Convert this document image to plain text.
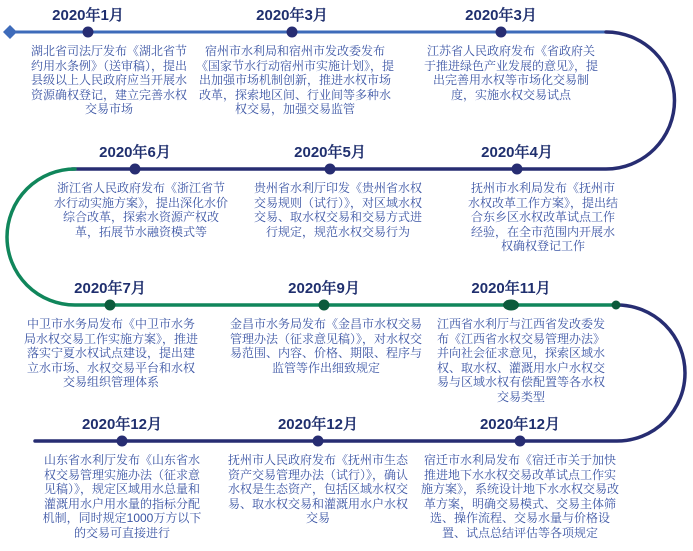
2020年1月	2020年3月	2020年3月
2020年6月	2020年5月	2020年4月
2020年7月	2020年9月	2020年11月
2020年12月	2020年12月	2020年12月
湖北省司法厅发布《湖北省节约用水条例》（送审稿），提出县级以上人民政府应当开展水资源确权登记，建立完善水权交易市场
宿州市水利局和宿州市发改委发布《国家节水行动宿州市实施计划》，提出加强市场机制创新，推进水权市场改革，探索地区间、行业间等多种水权交易，加强交易监管
江苏省人民政府发布《省政府关于推进绿色产业发展的意见》，提出完善用水权等市场化交易制度，实施水权交易试点
浙江省人民政府发布《浙江省节水行动实施方案》，提出深化水价综合改革，探索水资源产权改革，拓展节水融资模式等
贵州省水利厅印发《贵州省水权交易规则（试行）》，对区域水权交易、取水权交易和交易方式进行规定，规范水权交易行为
抚州市水利局发布《抚州市水权改革工作方案》，提出结合东乡区水权改革试点工作经验，在全市范围内开展水权确权登记工作
中卫市水务局发布《中卫市水务局水权交易工作实施方案》，推进落实宁夏水权试点建设，提出建立水市场、水权交易平台和水权交易组织管理体系
金昌市水务局发布《金昌市水权交易管理办法（征求意见稿）》，对水权交易范围、内容、价格、期限、程序与监管等作出细致规定
江西省水利厅与江西省发改委发布《江西省水权交易管理办法》并向社会征求意见，探索区域水权、取水权、灌溉用水户水权交易与区域水权有偿配置等各水权交易类型
山东省水利厅发布《山东省水权交易管理实施办法（征求意见稿）》，规定区域用水总量和灌溉用水户用水量的指标分配机制，同时规定1000万方以下的交易可直接进行
抚州市人民政府发布《抚州市生态资产交易管理办法（试行）》，确认水权是生态资产，包括区域水权交易、取水权交易和灌溉用水户水权交易
宿迁市水利局发布《宿迁市关于加快推进地下水水权交易改革试点工作实施方案》，系统设计地下水水权交易改革方案，明确交易模式、交易主体筛选、操作流程、交易水量与价格设置、试点总结评估等各项规定
